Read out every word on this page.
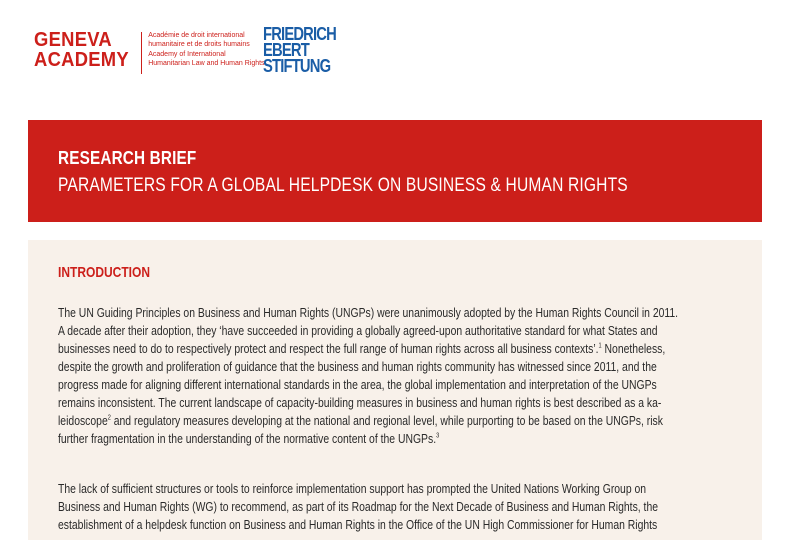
GENEVA
ACADEMY
Académie de droit international
humanitaire et de droits humains
Academy of International
Humanitarian Law and Human Rights
FRIEDRICH
EBERT
STIFTUNG
RESEARCH BRIEF
PARAMETERS FOR A GLOBAL HELPDESK ON BUSINESS & HUMAN RIGHTS
INTRODUCTION
The UN Guiding Principles on Business and Human Rights (UNGPs) were unanimously adopted by the Human Rights Council in 2011.
A decade after their adoption, they ‘have succeeded in providing a globally agreed-upon authoritative standard for what States and
businesses need to do to respectively protect and respect the full range of human rights across all business contexts’.$^1$ Nonetheless,
despite the growth and proliferation of guidance that the business and human rights community has witnessed since 2011, and the
progress made for aligning different international standards in the area, the global implementation and interpretation of the UNGPs
remains inconsistent. The current landscape of capacity-building measures in business and human rights is best described as a ka-
leidoscope$^2$ and regulatory measures developing at the national and regional level, while purporting to be based on the UNGPs, risk
further fragmentation in the understanding of the normative content of the UNGPs.$^3$
The lack of sufficient structures or tools to reinforce implementation support has prompted the United Nations Working Group on
Business and Human Rights (WG) to recommend, as part of its Roadmap for the Next Decade of Business and Human Rights, the
establishment of a helpdesk function on Business and Human Rights in the Office of the UN High Commissioner for Human Rights
